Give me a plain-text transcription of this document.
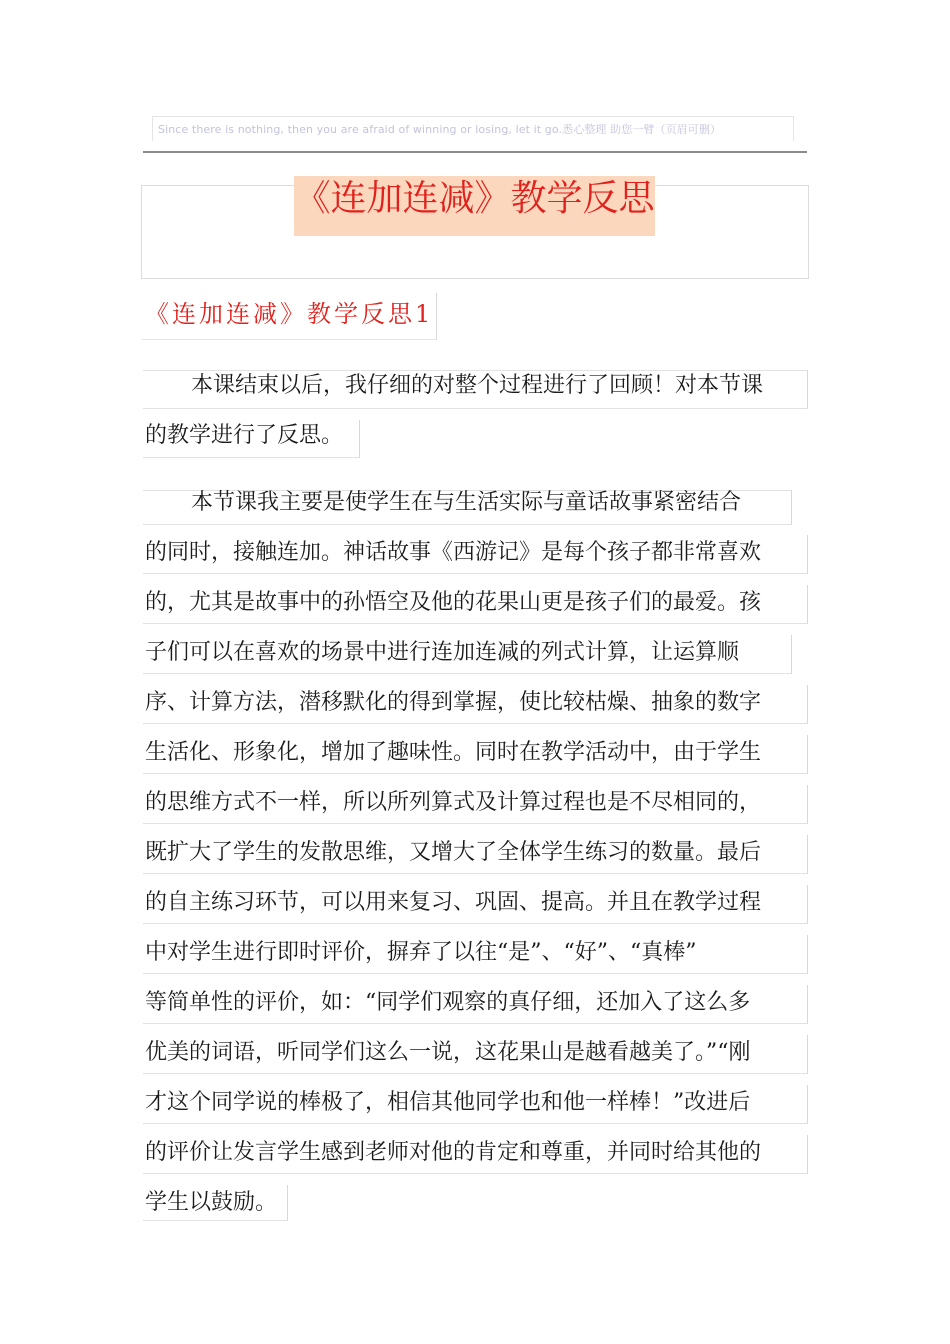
Since there is nothing, then you are afraid of winning or losing, let it go.悉心整理 助您一臂（页眉可删）
《连加连减》教学反思
《连加连减》教学反思1
本课结束以后，我仔细的对整个过程进行了回顾！对本节课
的教学进行了反思。
本节课我主要是使学生在与生活实际与童话故事紧密结合
的同时，接触连加。神话故事《西游记》是每个孩子都非常喜欢
的，尤其是故事中的孙悟空及他的花果山更是孩子们的最爱。孩
子们可以在喜欢的场景中进行连加连减的列式计算，让运算顺
序、计算方法，潜移默化的得到掌握，使比较枯燥、抽象的数字
生活化、形象化，增加了趣味性。同时在教学活动中，由于学生
的思维方式不一样，所以所列算式及计算过程也是不尽相同的，
既扩大了学生的发散思维，又增大了全体学生练习的数量。最后
的自主练习环节，可以用来复习、巩固、提高。并且在教学过程
中对学生进行即时评价，摒弃了以往“是”、“好”、“真棒”
等简单性的评价，如：“同学们观察的真仔细，还加入了这么多
优美的词语，听同学们这么一说，这花果山是越看越美了。”“刚
才这个同学说的棒极了，相信其他同学也和他一样棒！”改进后
的评价让发言学生感到老师对他的肯定和尊重，并同时给其他的
学生以鼓励。
